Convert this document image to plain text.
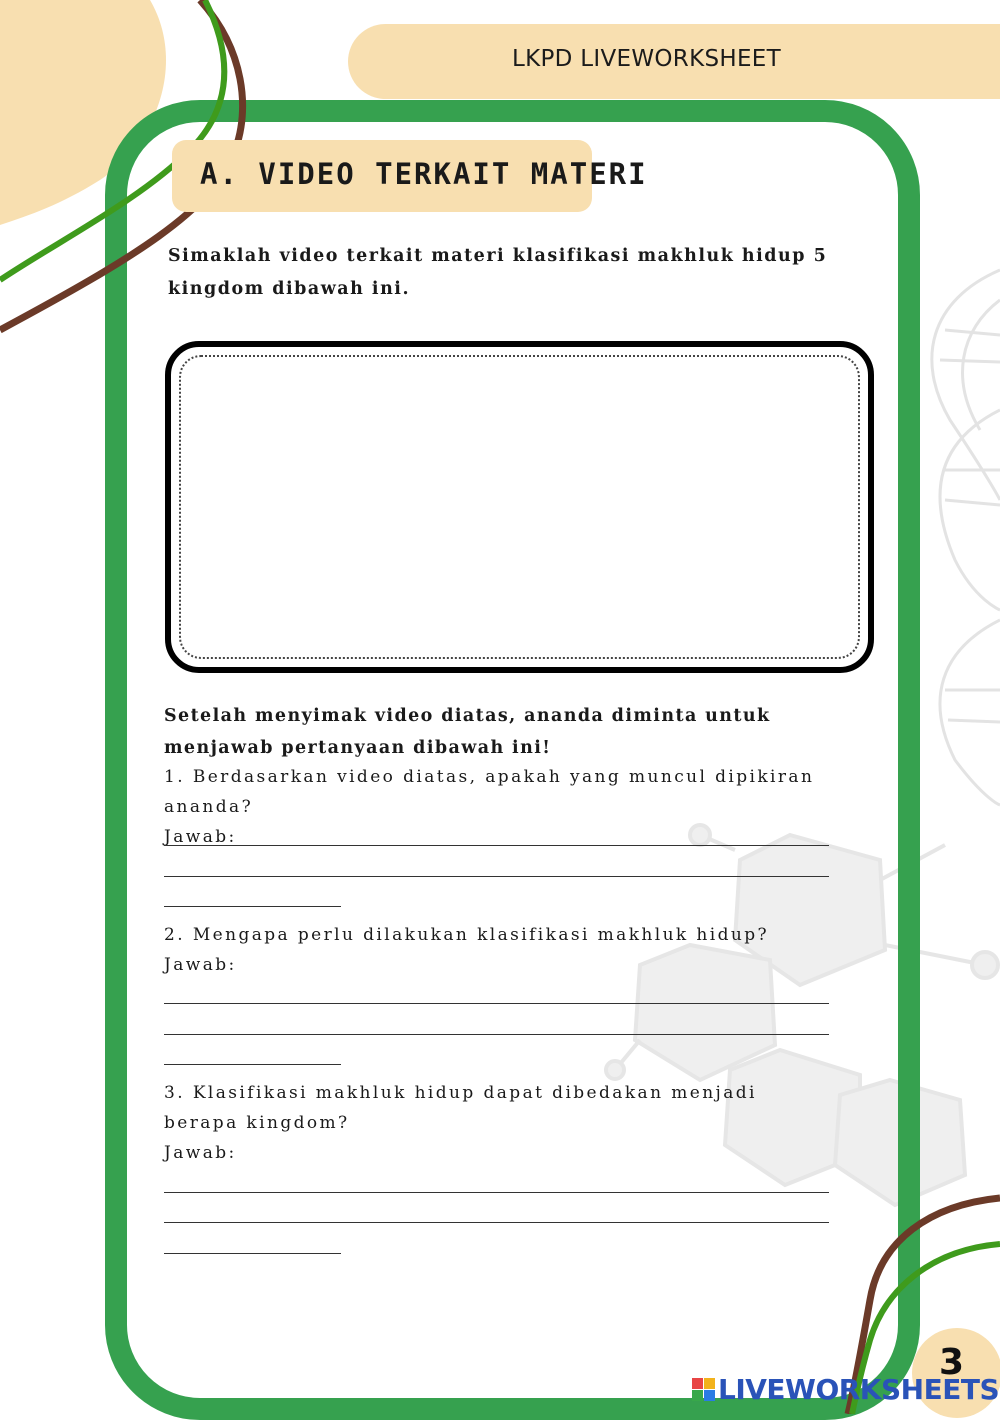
LKPD LIVEWORKSHEET
A. VIDEO TERKAIT MATERI
Simaklah video terkait materi klasifikasi makhluk hidup 5 kingdom dibawah ini.
Setelah menyimak video diatas, ananda diminta untuk menjawab pertanyaan dibawah ini!
1. Berdasarkan video diatas, apakah yang muncul dipikiran ananda?
Jawab:
2. Mengapa perlu dilakukan klasifikasi makhluk hidup?
Jawab:
3. Klasifikasi makhluk hidup dapat dibedakan menjadi berapa kingdom?
Jawab:
3
LIVEWORKSHEETS
